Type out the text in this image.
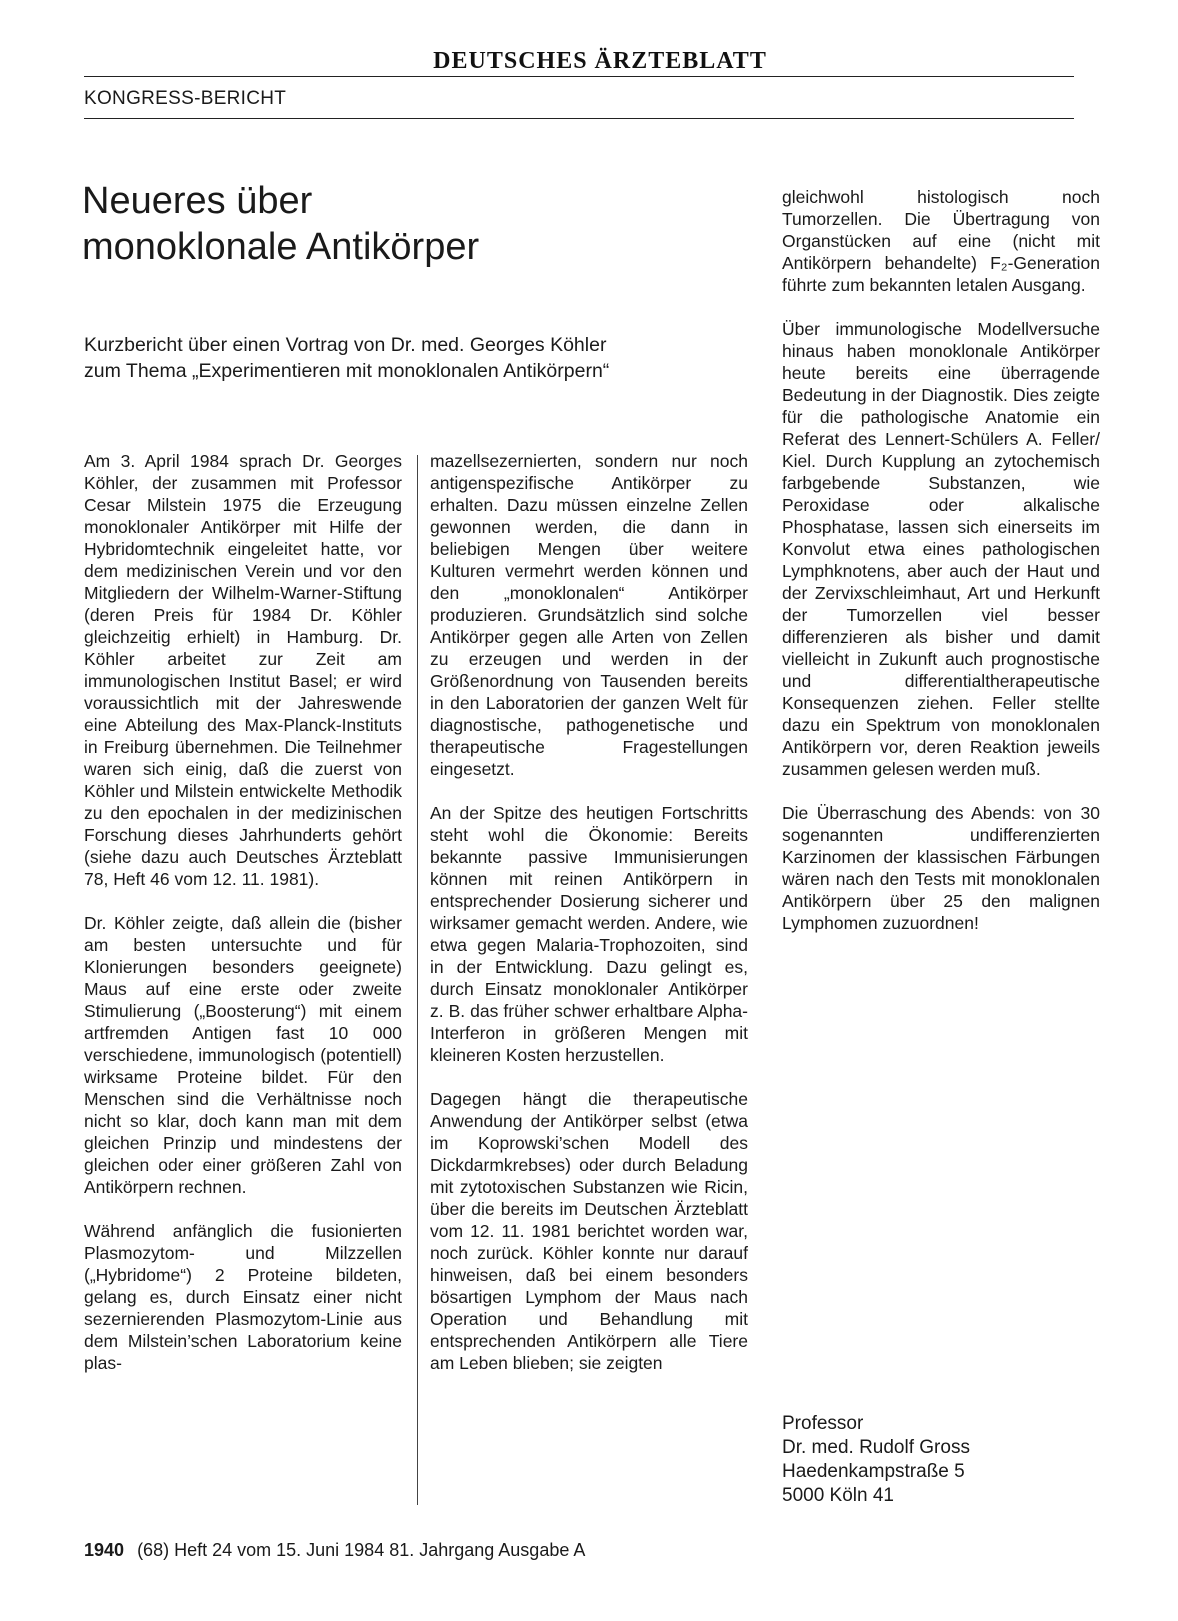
DEUTSCHES ÄRZTEBLATT
KONGRESS-BERICHT
Neueres über
monoklonale Antikörper
Kurzbericht über einen Vortrag von Dr. med. Georges Köhler
zum Thema „Experimentieren mit monoklonalen Antikörpern“

Am 3. April 1984 sprach Dr. Georges Köhler, der zusammen mit Professor Cesar Milstein 1975 die Erzeugung monoklonaler Antikörper mit Hilfe der Hybridomtechnik eingeleitet hatte, vor dem medizinischen Verein und vor den Mitgliedern der Wilhelm-Warner-Stiftung (deren Preis für 1984 Dr. Köhler gleichzeitig erhielt) in Hamburg. Dr. Köhler arbeitet zur Zeit am immunologischen Institut Basel; er wird voraussichtlich mit der Jahreswende eine Abteilung des Max-Planck-Instituts in Freiburg übernehmen. Die Teilnehmer waren sich einig, daß die zuerst von Köhler und Milstein entwickelte Methodik zu den epochalen in der medizinischen Forschung dieses Jahrhunderts gehört (siehe dazu auch Deutsches Ärzteblatt 78, Heft 46 vom 12. 11. 1981).

Dr. Köhler zeigte, daß allein die (bisher am besten untersuchte und für Klonierungen besonders geeignete) Maus auf eine erste oder zweite Stimulierung („Boosterung“) mit einem artfremden Antigen fast 10 000 verschiedene, immunologisch (potentiell) wirksame Proteine bildet. Für den Menschen sind die Verhältnisse noch nicht so klar, doch kann man mit dem gleichen Prinzip und mindestens der gleichen oder einer größeren Zahl von Antikörpern rechnen.

Während anfänglich die fusionierten Plasmozytom- und Milzzellen („Hybridome“) 2 Proteine bildeten, gelang es, durch Einsatz einer nicht sezernierenden Plasmozytom-Linie aus dem Milstein’schen Laboratorium keine plas-

mazellsezernierten, sondern nur noch antigenspezifische Antikörper zu erhalten. Dazu müssen einzelne Zellen gewonnen werden, die dann in beliebigen Mengen über weitere Kulturen vermehrt werden können und den „monoklonalen“ Antikörper produzieren. Grundsätzlich sind solche Antikörper gegen alle Arten von Zellen zu erzeugen und werden in der Größenordnung von Tausenden bereits in den Laboratorien der ganzen Welt für diagnostische, pathogenetische und therapeutische Fragestellungen eingesetzt.

An der Spitze des heutigen Fortschritts steht wohl die Ökonomie: Bereits bekannte passive Immunisierungen können mit reinen Antikörpern in entsprechender Dosierung sicherer und wirksamer gemacht werden. Andere, wie etwa gegen Malaria-Trophozoiten, sind in der Entwicklung. Dazu gelingt es, durch Einsatz monoklonaler Antikörper z. B. das früher schwer erhaltbare Alpha-Interferon in größeren Mengen mit kleineren Kosten herzustellen.

Dagegen hängt die therapeutische Anwendung der Antikörper selbst (etwa im Koprowski’schen Modell des Dickdarmkrebses) oder durch Beladung mit zytotoxischen Substanzen wie Ricin, über die bereits im Deutschen Ärzteblatt vom 12. 11. 1981 berichtet worden war, noch zurück. Köhler konnte nur darauf hinweisen, daß bei einem besonders bösartigen Lymphom der Maus nach Operation und Behandlung mit entsprechenden Antikörpern alle Tiere am Leben blieben; sie zeigten

gleichwohl histologisch noch Tumorzellen. Die Übertragung von Organstücken auf eine (nicht mit Antikörpern behandelte) F₂-Generation führte zum bekannten letalen Ausgang.

Über immunologische Modellversuche hinaus haben monoklonale Antikörper heute bereits eine überragende Bedeutung in der Diagnostik. Dies zeigte für die pathologische Anatomie ein Referat des Lennert-Schülers A. Feller/ Kiel. Durch Kupplung an zytochemisch farbgebende Substanzen, wie Peroxidase oder alkalische Phosphatase, lassen sich einerseits im Konvolut etwa eines pathologischen Lymphknotens, aber auch der Haut und der Zervixschleimhaut, Art und Herkunft der Tumorzellen viel besser differenzieren als bisher und damit vielleicht in Zukunft auch prognostische und differentialtherapeutische Konsequenzen ziehen. Feller stellte dazu ein Spektrum von monoklonalen Antikörpern vor, deren Reaktion jeweils zusammen gelesen werden muß.

Die Überraschung des Abends: von 30 sogenannten undifferenzierten Karzinomen der klassischen Färbungen wären nach den Tests mit monoklonalen Antikörpern über 25 den malignen Lymphomen zuzuordnen!

Professor
Dr. med. Rudolf Gross
Haedenkampstraße 5
5000 Köln 41
1940 (68) Heft 24 vom 15. Juni 1984 81. Jahrgang Ausgabe A
